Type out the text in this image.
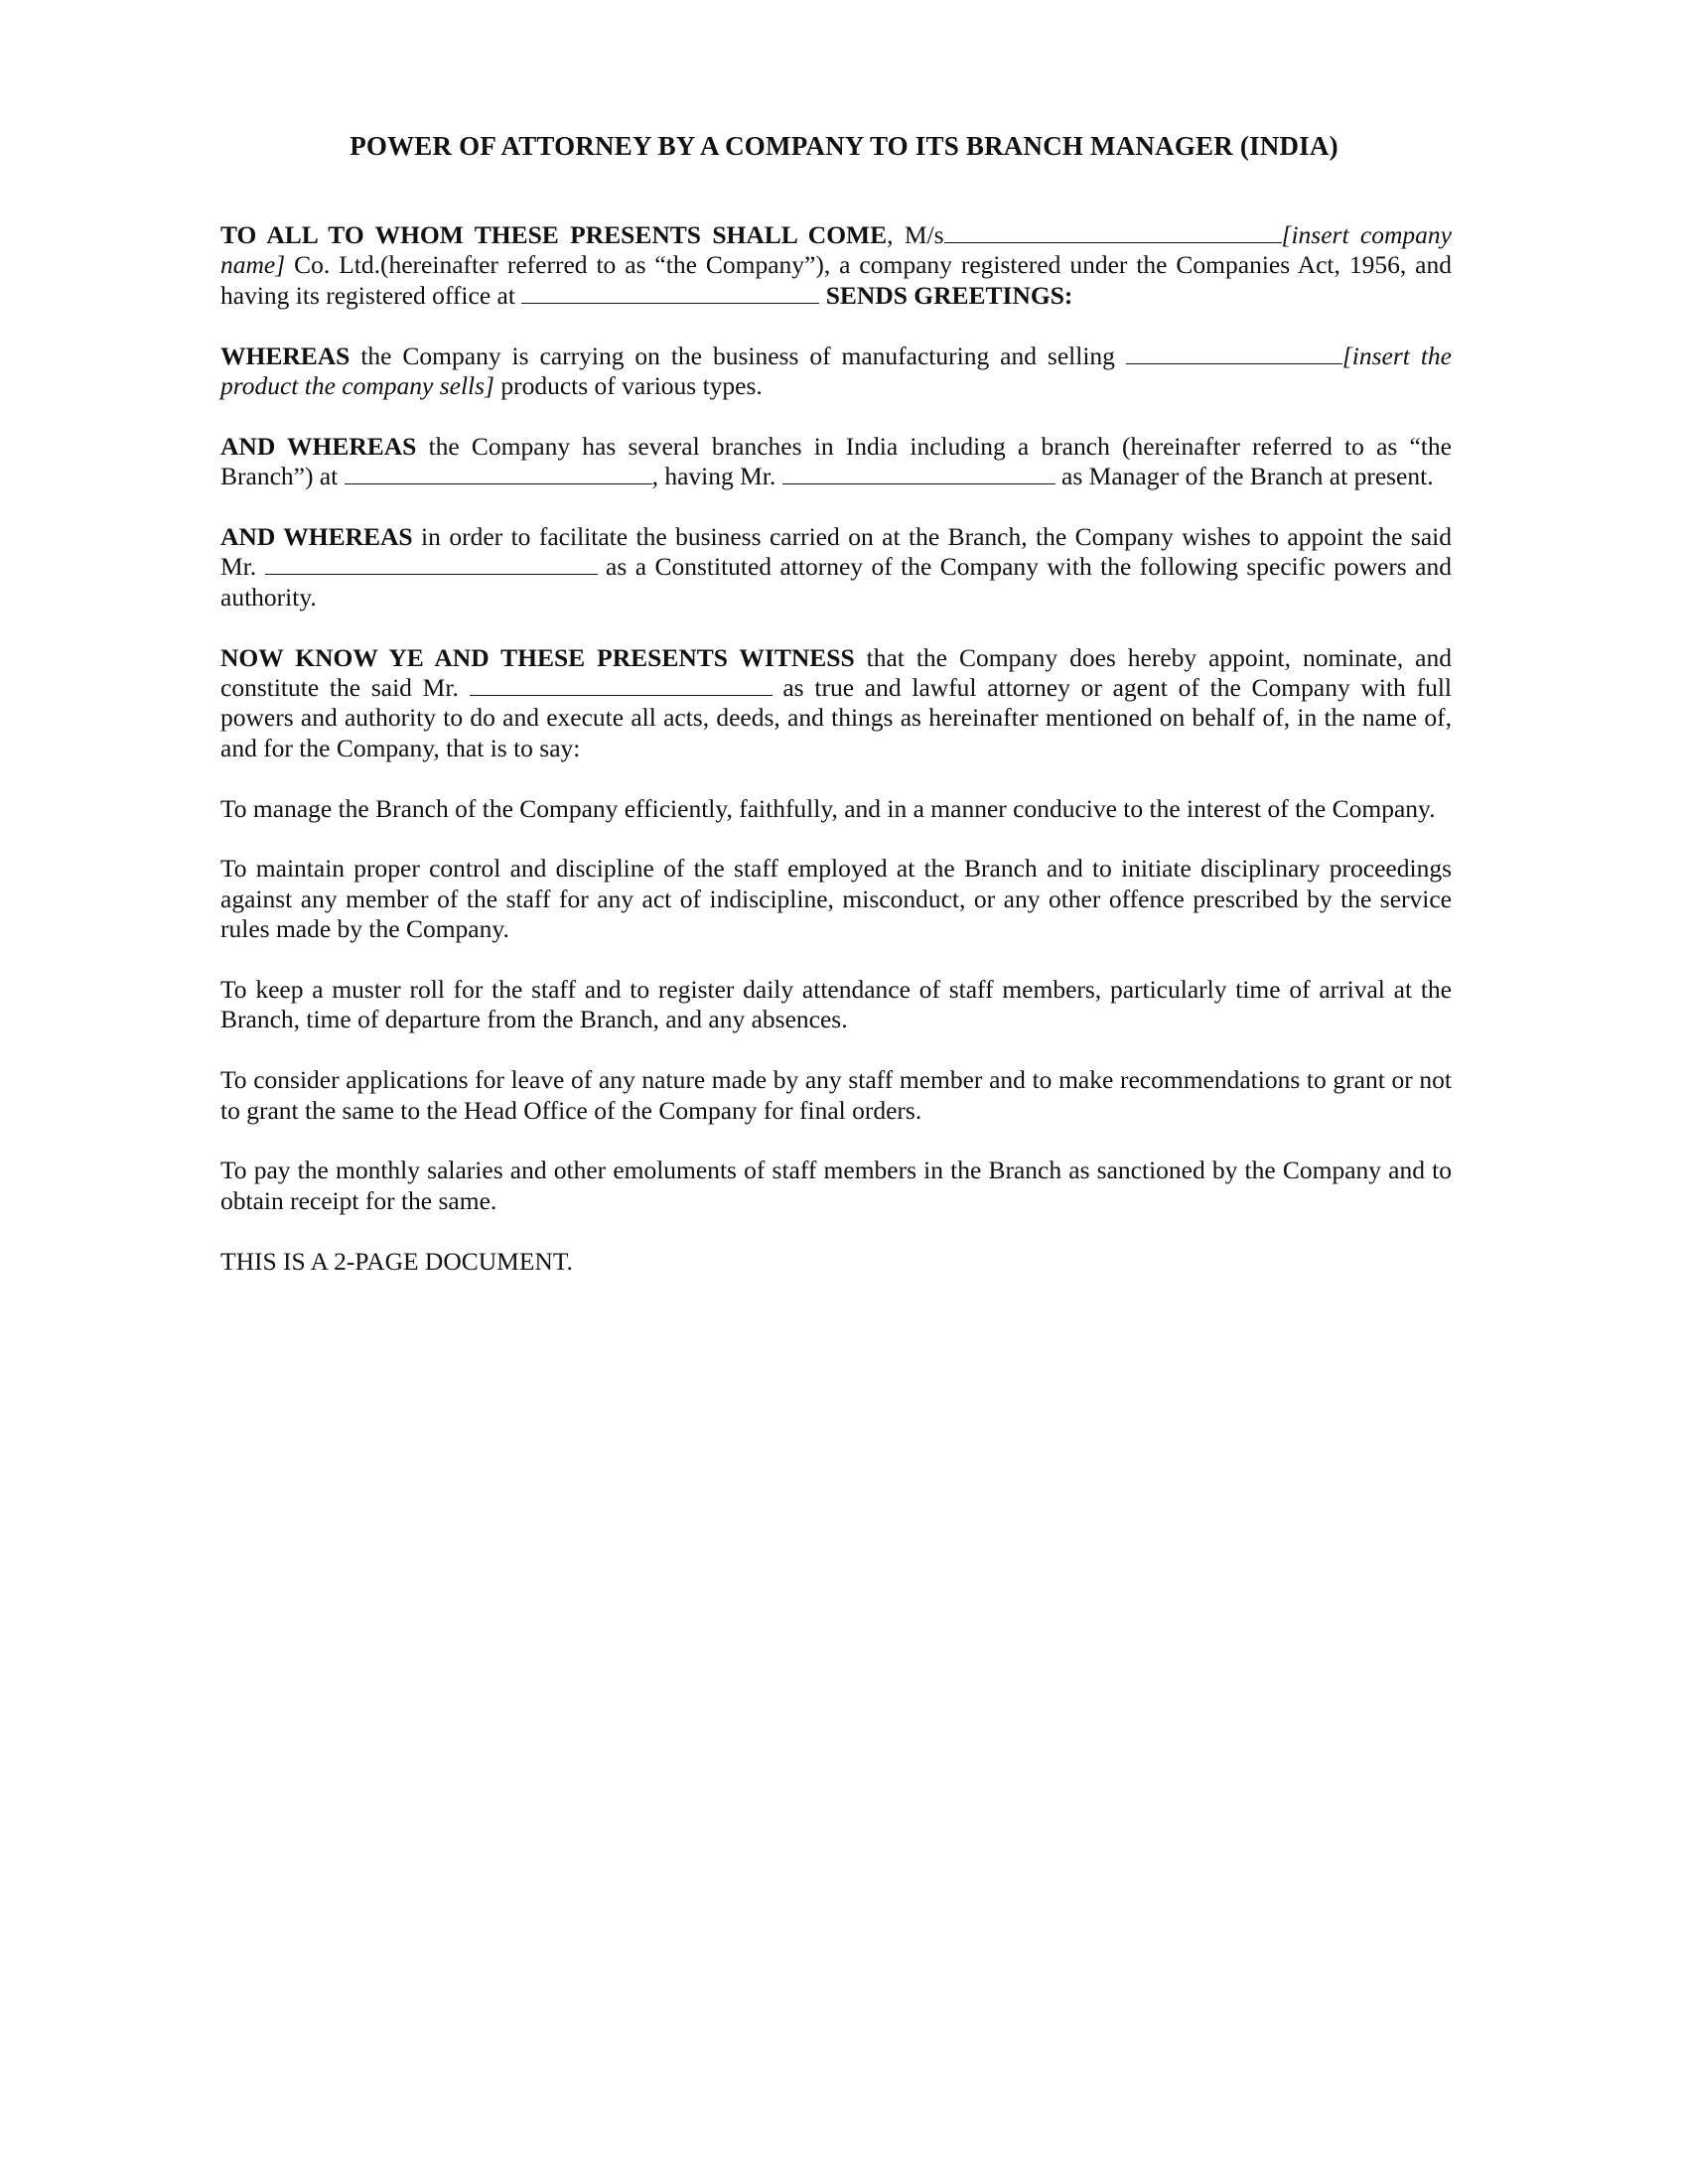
POWER OF ATTORNEY BY A COMPANY TO ITS BRANCH MANAGER (INDIA)

TO ALL TO WHOM THESE PRESENTS SHALL COME, M/s	[insert company name] Co. Ltd.(hereinafter referred to as “the Company”), a company registered under the Companies Act, 1956, and having its registered office at	SENDS GREETINGS:

WHEREAS the Company is carrying on the business of manufacturing and selling	[insert the product the company sells] products of various types.

AND WHEREAS the Company has several branches in India including a branch (hereinafter referred to as “the Branch”) at	, having Mr.	as Manager of the Branch at present.

AND WHEREAS in order to facilitate the business carried on at the Branch, the Company wishes to appoint the said Mr.	as a Constituted attorney of the Company with the following specific powers and authority.

NOW KNOW YE AND THESE PRESENTS WITNESS that the Company does hereby appoint, nominate, and constitute the said Mr.	as true and lawful attorney or agent of the Company with full powers and authority to do and execute all acts, deeds, and things as hereinafter mentioned on behalf of, in the name of, and for the Company, that is to say:

To manage the Branch of the Company efficiently, faithfully, and in a manner conducive to the interest of the Company.

To maintain proper control and discipline of the staff employed at the Branch and to initiate disciplinary proceedings against any member of the staff for any act of indiscipline, misconduct, or any other offence prescribed by the service rules made by the Company.

To keep a muster roll for the staff and to register daily attendance of staff members, particularly time of arrival at the Branch, time of departure from the Branch, and any absences.

To consider applications for leave of any nature made by any staff member and to make recommendations to grant or not to grant the same to the Head Office of the Company for final orders.

To pay the monthly salaries and other emoluments of staff members in the Branch as sanctioned by the Company and to obtain receipt for the same.

THIS IS A 2-PAGE DOCUMENT.
